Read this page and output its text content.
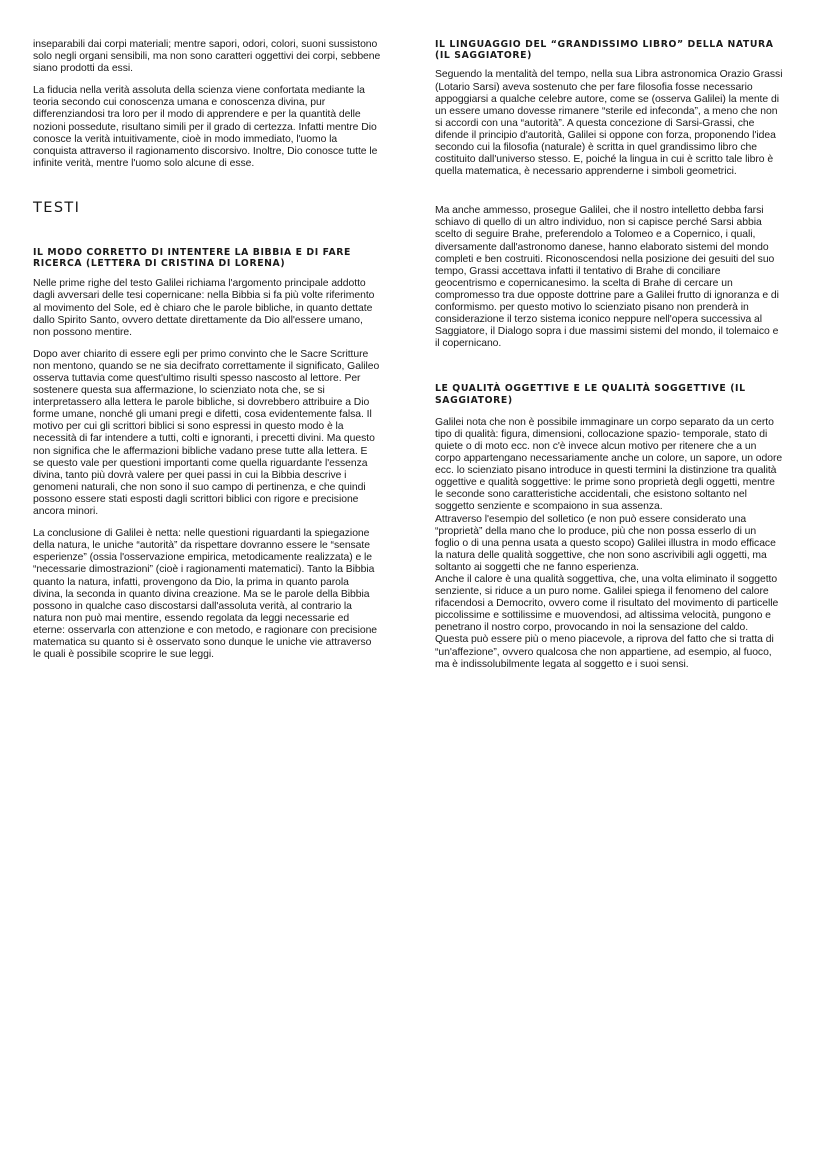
inseparabili dai corpi materiali; mentre sapori, odori, colori, suoni sussistono solo negli organi sensibili, ma non sono caratteri oggettivi dei corpi, sebbene siano prodotti da essi.

La fiducia nella verità assoluta della scienza viene confortata mediante la teoria secondo cui conoscenza umana e conoscenza divina, pur differenziandosi tra loro per il modo di apprendere e per la quantità delle nozioni possedute, risultano simili per il grado di certezza. Infatti mentre Dio conosce la verità intuitivamente, cioè in modo immediato, l'uomo la conquista attraverso il ragionamento discorsivo. Inoltre, Dio conosce tutte le infinite verità, mentre l'uomo solo alcune di esse.

TESTI
IL MODO CORRETTO DI INTENTERE LA BIBBIA E DI FARE RICERCA (LETTERA DI CRISTINA DI LORENA)

Nelle prime righe del testo Galilei richiama l'argomento principale addotto dagli avversari delle tesi copernicane: nella Bibbia si fa più volte riferimento al movimento del Sole, ed è chiaro che le parole bibliche, in quanto dettate dallo Spirito Santo, ovvero dettate direttamente da Dio all'essere umano, non possono mentire.

Dopo aver chiarito di essere egli per primo convinto che le Sacre Scritture non mentono, quando se ne sia decifrato correttamente il significato, Galileo osserva tuttavia come quest'ultimo risulti spesso nascosto al lettore. Per sostenere questa sua affermazione, lo scienziato nota che, se si interpretassero alla lettera le parole bibliche, si dovrebbero attribuire a Dio forme umane, nonché gli umani pregi e difetti, cosa evidentemente falsa. Il motivo per cui gli scrittori biblici si sono espressi in questo modo è la necessità di far intendere a tutti, colti e ignoranti, i precetti divini. Ma questo non significa che le affermazioni bibliche vadano prese tutte alla lettera. E se questo vale per questioni importanti come quella riguardante l'essenza divina, tanto più dovrà valere per quei passi in cui la Bibbia descrive i genomeni naturali, che non sono il suo campo di pertinenza, e che quindi possono essere stati esposti dagli scrittori biblici con rigore e precisione ancora minori.

La conclusione di Galilei è netta: nelle questioni riguardanti la spiegazione della natura, le uniche “autorità” da rispettare dovranno essere le “sensate esperienze” (ossia l'osservazione empirica, metodicamente realizzata) e le “necessarie dimostrazioni” (cioè i ragionamenti matematici). Tanto la Bibbia quanto la natura, infatti, provengono da Dio, la prima in quanto parola divina, la seconda in quanto divina creazione. Ma se le parole della Bibbia possono in qualche caso discostarsi dall'assoluta verità, al contrario la natura non può mai mentire, essendo regolata da leggi necessarie ed eterne: osservarla con attenzione e con metodo, e ragionare con precisione matematica su quanto si è osservato sono dunque le uniche vie attraverso le quali è possibile scoprire le sue leggi.

IL LINGUAGGIO DEL “GRANDISSIMO LIBRO” DELLA NATURA (IL SAGGIATORE)

Seguendo la mentalità del tempo, nella sua Libra astronomica Orazio Grassi (Lotario Sarsi) aveva sostenuto che per fare filosofia fosse necessario appoggiarsi a qualche celebre autore, come se (osserva Galilei) la mente di un essere umano dovesse rimanere “sterile ed infeconda”, a meno che non si accordi con una “autorità”. A questa concezione di Sarsi-Grassi, che difende il principio d'autorità, Galilei si oppone con forza, proponendo l'idea secondo cui la filosofia (naturale) è scritta in quel grandissimo libro che costituito dall'universo stesso. E, poiché la lingua in cui è scritto tale libro è quella matematica, è necessario apprenderne i simboli geometrici.

Ma anche ammesso, prosegue Galilei, che il nostro intelletto debba farsi schiavo di quello di un altro individuo, non si capisce perché Sarsi abbia scelto di seguire Brahe, preferendolo a Tolomeo e a Copernico, i quali, diversamente dall'astronomo danese, hanno elaborato sistemi del mondo completi e ben costruiti. Riconoscendosi nella posizione dei gesuiti del suo tempo, Grassi accettava infatti il tentativo di Brahe di conciliare geocentrismo e copernicanesimo. la scelta di Brahe di cercare un compromesso tra due opposte dottrine pare a Galilei frutto di ignoranza e di conformismo. per questo motivo lo scienziato pisano non prenderà in considerazione il terzo sistema iconico neppure nell'opera successiva al Saggiatore, il Dialogo sopra i due massimi sistemi del mondo, il tolemaico e il copernicano.

LE QUALITÀ OGGETTIVE E LE QUALITÀ SOGGETTIVE (IL SAGGIATORE)

Galilei nota che non è possibile immaginare un corpo separato da un certo tipo di qualità: figura, dimensioni, collocazione spazio- temporale, stato di quiete o di moto ecc. non c'è invece alcun motivo per ritenere che a un corpo appartengano necessariamente anche un colore, un sapore, un odore ecc. lo scienziato pisano introduce in questi termini la distinzione tra qualità oggettive e qualità soggettive: le prime sono proprietà degli oggetti, mentre le seconde sono caratteristiche accidentali, che esistono soltanto nel soggetto senziente e scompaiono in sua assenza.

Attraverso l'esempio del solletico (e non può essere considerato una “proprietà” della mano che lo produce, più che non possa esserlo di un foglio o di una penna usata a questo scopo) Galilei illustra in modo efficace la natura delle qualità soggettive, che non sono ascrivibili agli oggetti, ma soltanto ai soggetti che ne fanno esperienza.

Anche il calore è una qualità soggettiva, che, una volta eliminato il soggetto senziente, si riduce a un puro nome. Galilei spiega il fenomeno del calore rifacendosi a Democrito, ovvero come il risultato del movimento di particelle piccolissime e sottilissime e muovendosi, ad altissima velocità, pungono e penetrano il nostro corpo, provocando in noi la sensazione del caldo. Questa può essere più o meno piacevole, a riprova del fatto che si tratta di “un'affezione”, ovvero qualcosa che non appartiene, ad esempio, al fuoco, ma è indissolubilmente legata al soggetto e i suoi sensi.
